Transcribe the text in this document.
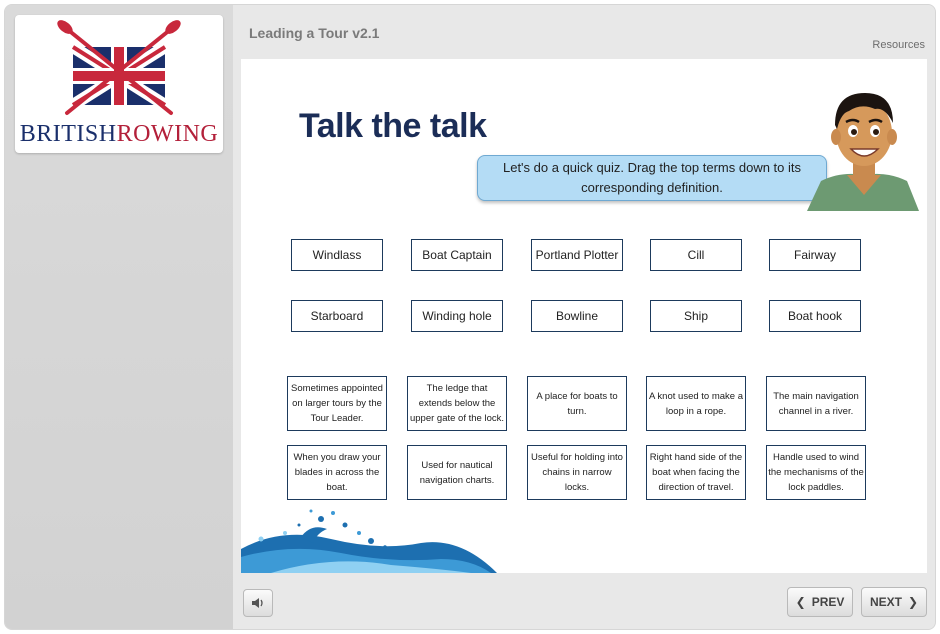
BRITISHROWING
Leading a Tour v2.1
Resources
Talk the talk
Let's do a quick quiz. Drag the top terms down to its corresponding definition.
Windlass	Boat Captain	Portland Plotter	Cill	Fairway
Starboard	Winding hole	Bowline	Ship	Boat hook
Sometimes appointed on larger tours by the Tour Leader.
The ledge that extends below the upper gate of the lock.
A place for boats to turn.
A knot used to make a loop in a rope.
The main navigation channel in a river.
When you draw your blades in across the boat.
Used for nautical navigation charts.
Useful for holding into chains in narrow locks.
Right hand side of the boat when facing the direction of travel.
Handle used to wind the mechanisms of the lock paddles.
❮ PREV NEXT ❯
